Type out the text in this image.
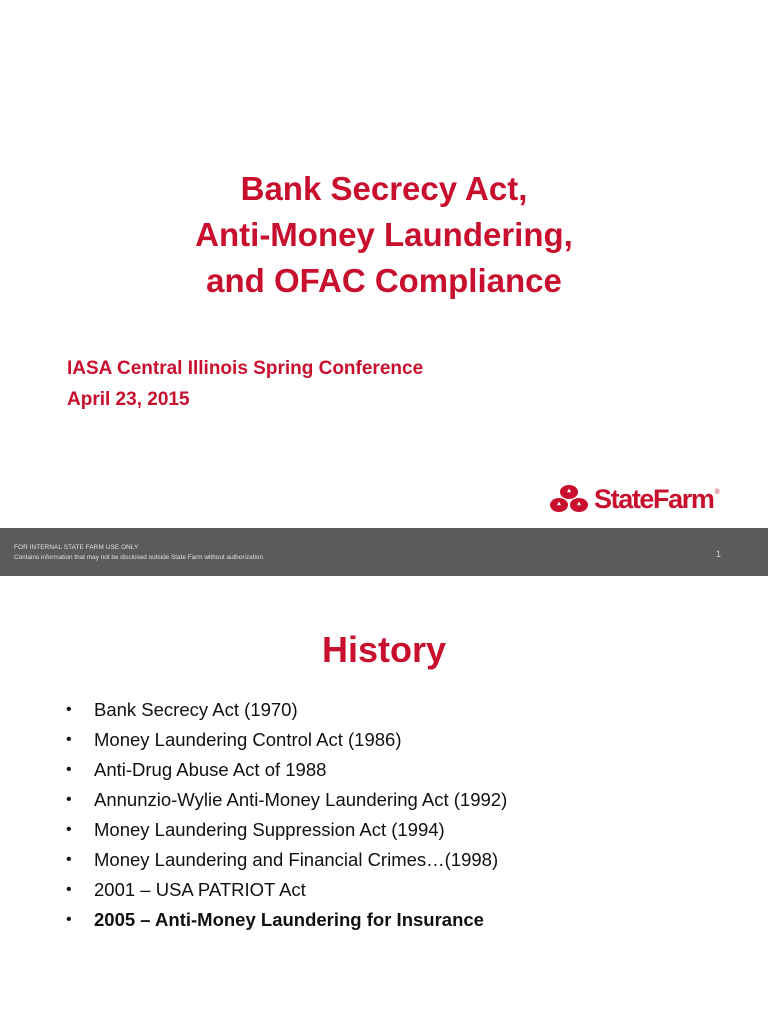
Bank Secrecy Act,
Anti-Money Laundering,
and OFAC Compliance
IASA Central Illinois Spring Conference
April 23, 2015
StateFarm ®
FOR INTERNAL STATE FARM USE ONLY
Contains information that may not be disclosed outside State Farm without authorization	1
History
• Bank Secrecy Act (1970)
• Money Laundering Control Act (1986)
• Anti-Drug Abuse Act of 1988
• Annunzio-Wylie Anti-Money Laundering Act (1992)
• Money Laundering Suppression Act (1994)
• Money Laundering and Financial Crimes…(1998)
• 2001 – USA PATRIOT Act
• 2005 – Anti-Money Laundering for Insurance
